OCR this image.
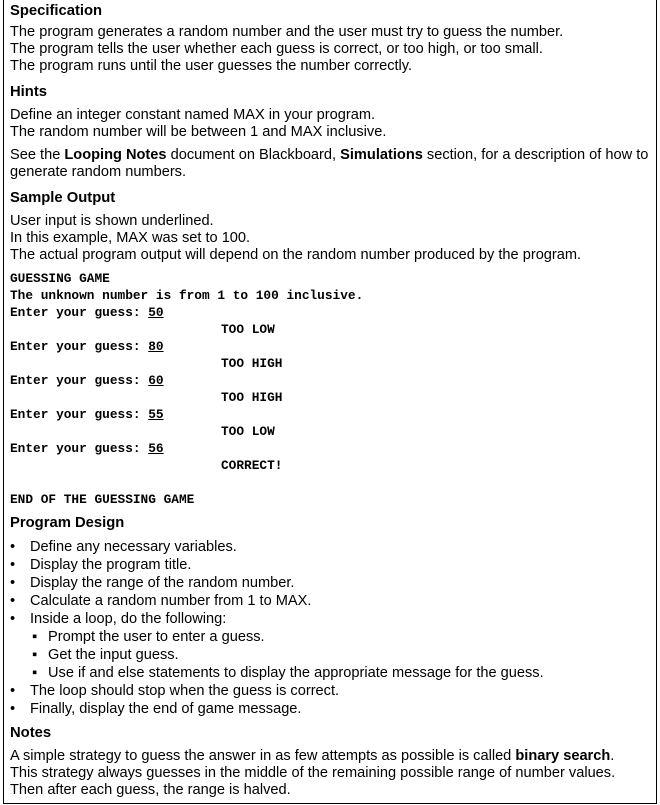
Specification

The program generates a random number and the user must try to guess the number.

The program tells the user whether each guess is correct, or too high, or too small.

The program runs until the user guesses the number correctly.

Hints

Define an integer constant named MAX in your program.

The random number will be between 1 and MAX inclusive.

See the Looping Notes document on Blackboard, Simulations section, for a description of how to

generate random numbers.

Sample Output

User input is shown underlined.

In this example, MAX was set to 100.

The actual program output will depend on the random number produced by the program.

GUESSING GAME
The unknown number is from 1 to 100 inclusive.
Enter your guess: 50
TOO LOW
Enter your guess: 80
TOO HIGH
Enter your guess: 60
TOO HIGH
Enter your guess: 55
TOO LOW
Enter your guess: 56
CORRECT!
END OF THE GUESSING GAME
Program Design
• Define any necessary variables.
• Display the program title.
• Display the range of the random number.
• Calculate a random number from 1 to MAX.
• Inside a loop, do the following:
▪ Prompt the user to enter a guess.
▪ Get the input guess.
▪ Use if and else statements to display the appropriate message for the guess.
• The loop should stop when the guess is correct.
• Finally, display the end of game message.
Notes

A simple strategy to guess the answer in as few attempts as possible is called binary search.

This strategy always guesses in the middle of the remaining possible range of number values.

Then after each guess, the range is halved.
